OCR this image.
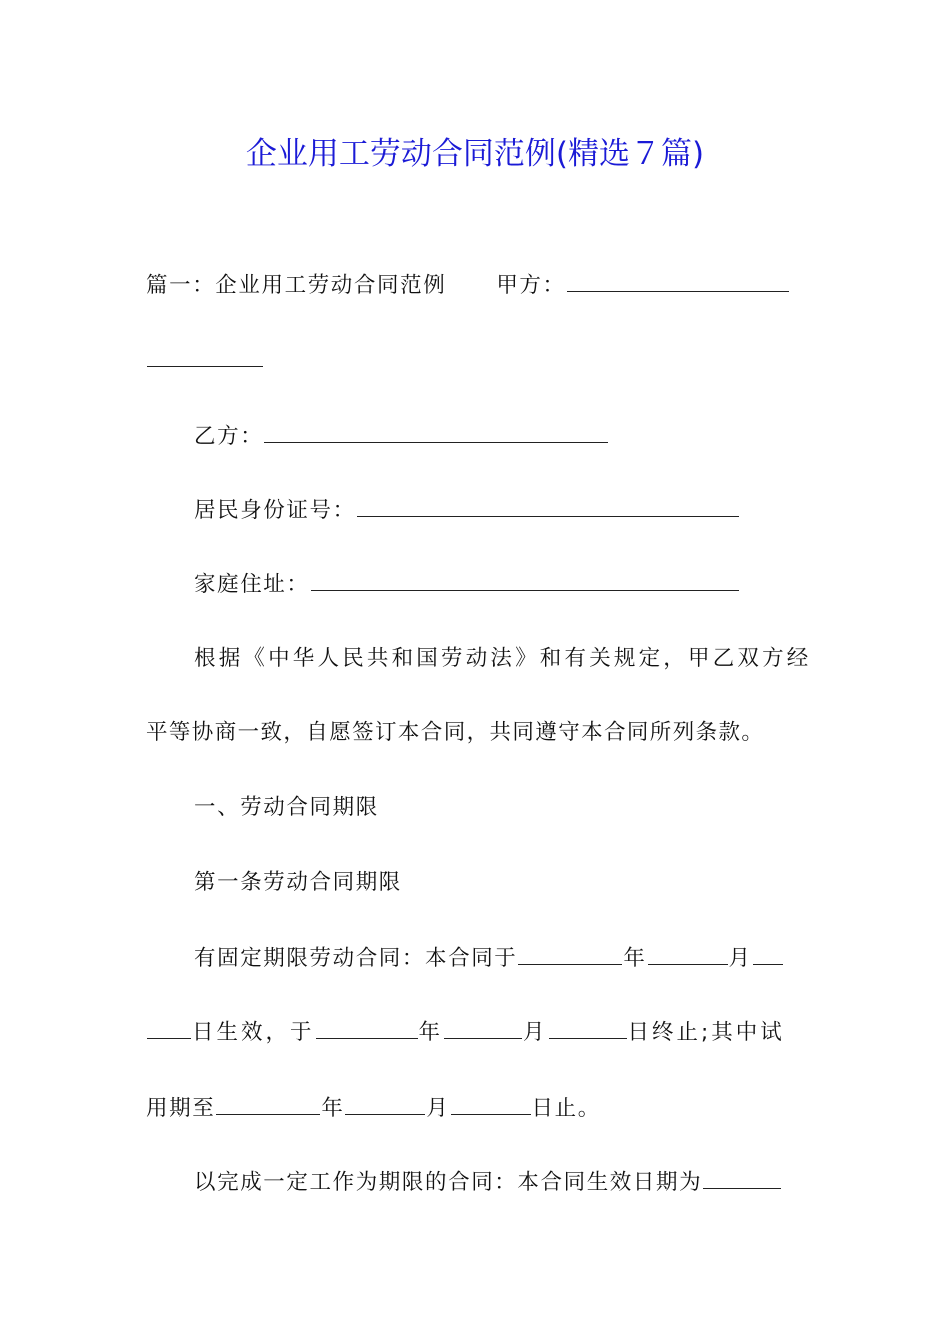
企业用工劳动合同范例(精选７篇)
篇一：企业用工劳动合同范例 甲方：
乙方：
居民身份证号：
家庭住址：
根据《中华人民共和国劳动法》和有关规定，甲乙双方经
平等协商一致，自愿签订本合同，共同遵守本合同所列条款。
一、劳动合同期限
第一条劳动合同期限
有固定期限劳动合同：本合同于	年	月
日生效，于	年	月	日终止;其中试
用期至	年	月	日止。
以完成一定工作为期限的合同：本合同生效日期为
